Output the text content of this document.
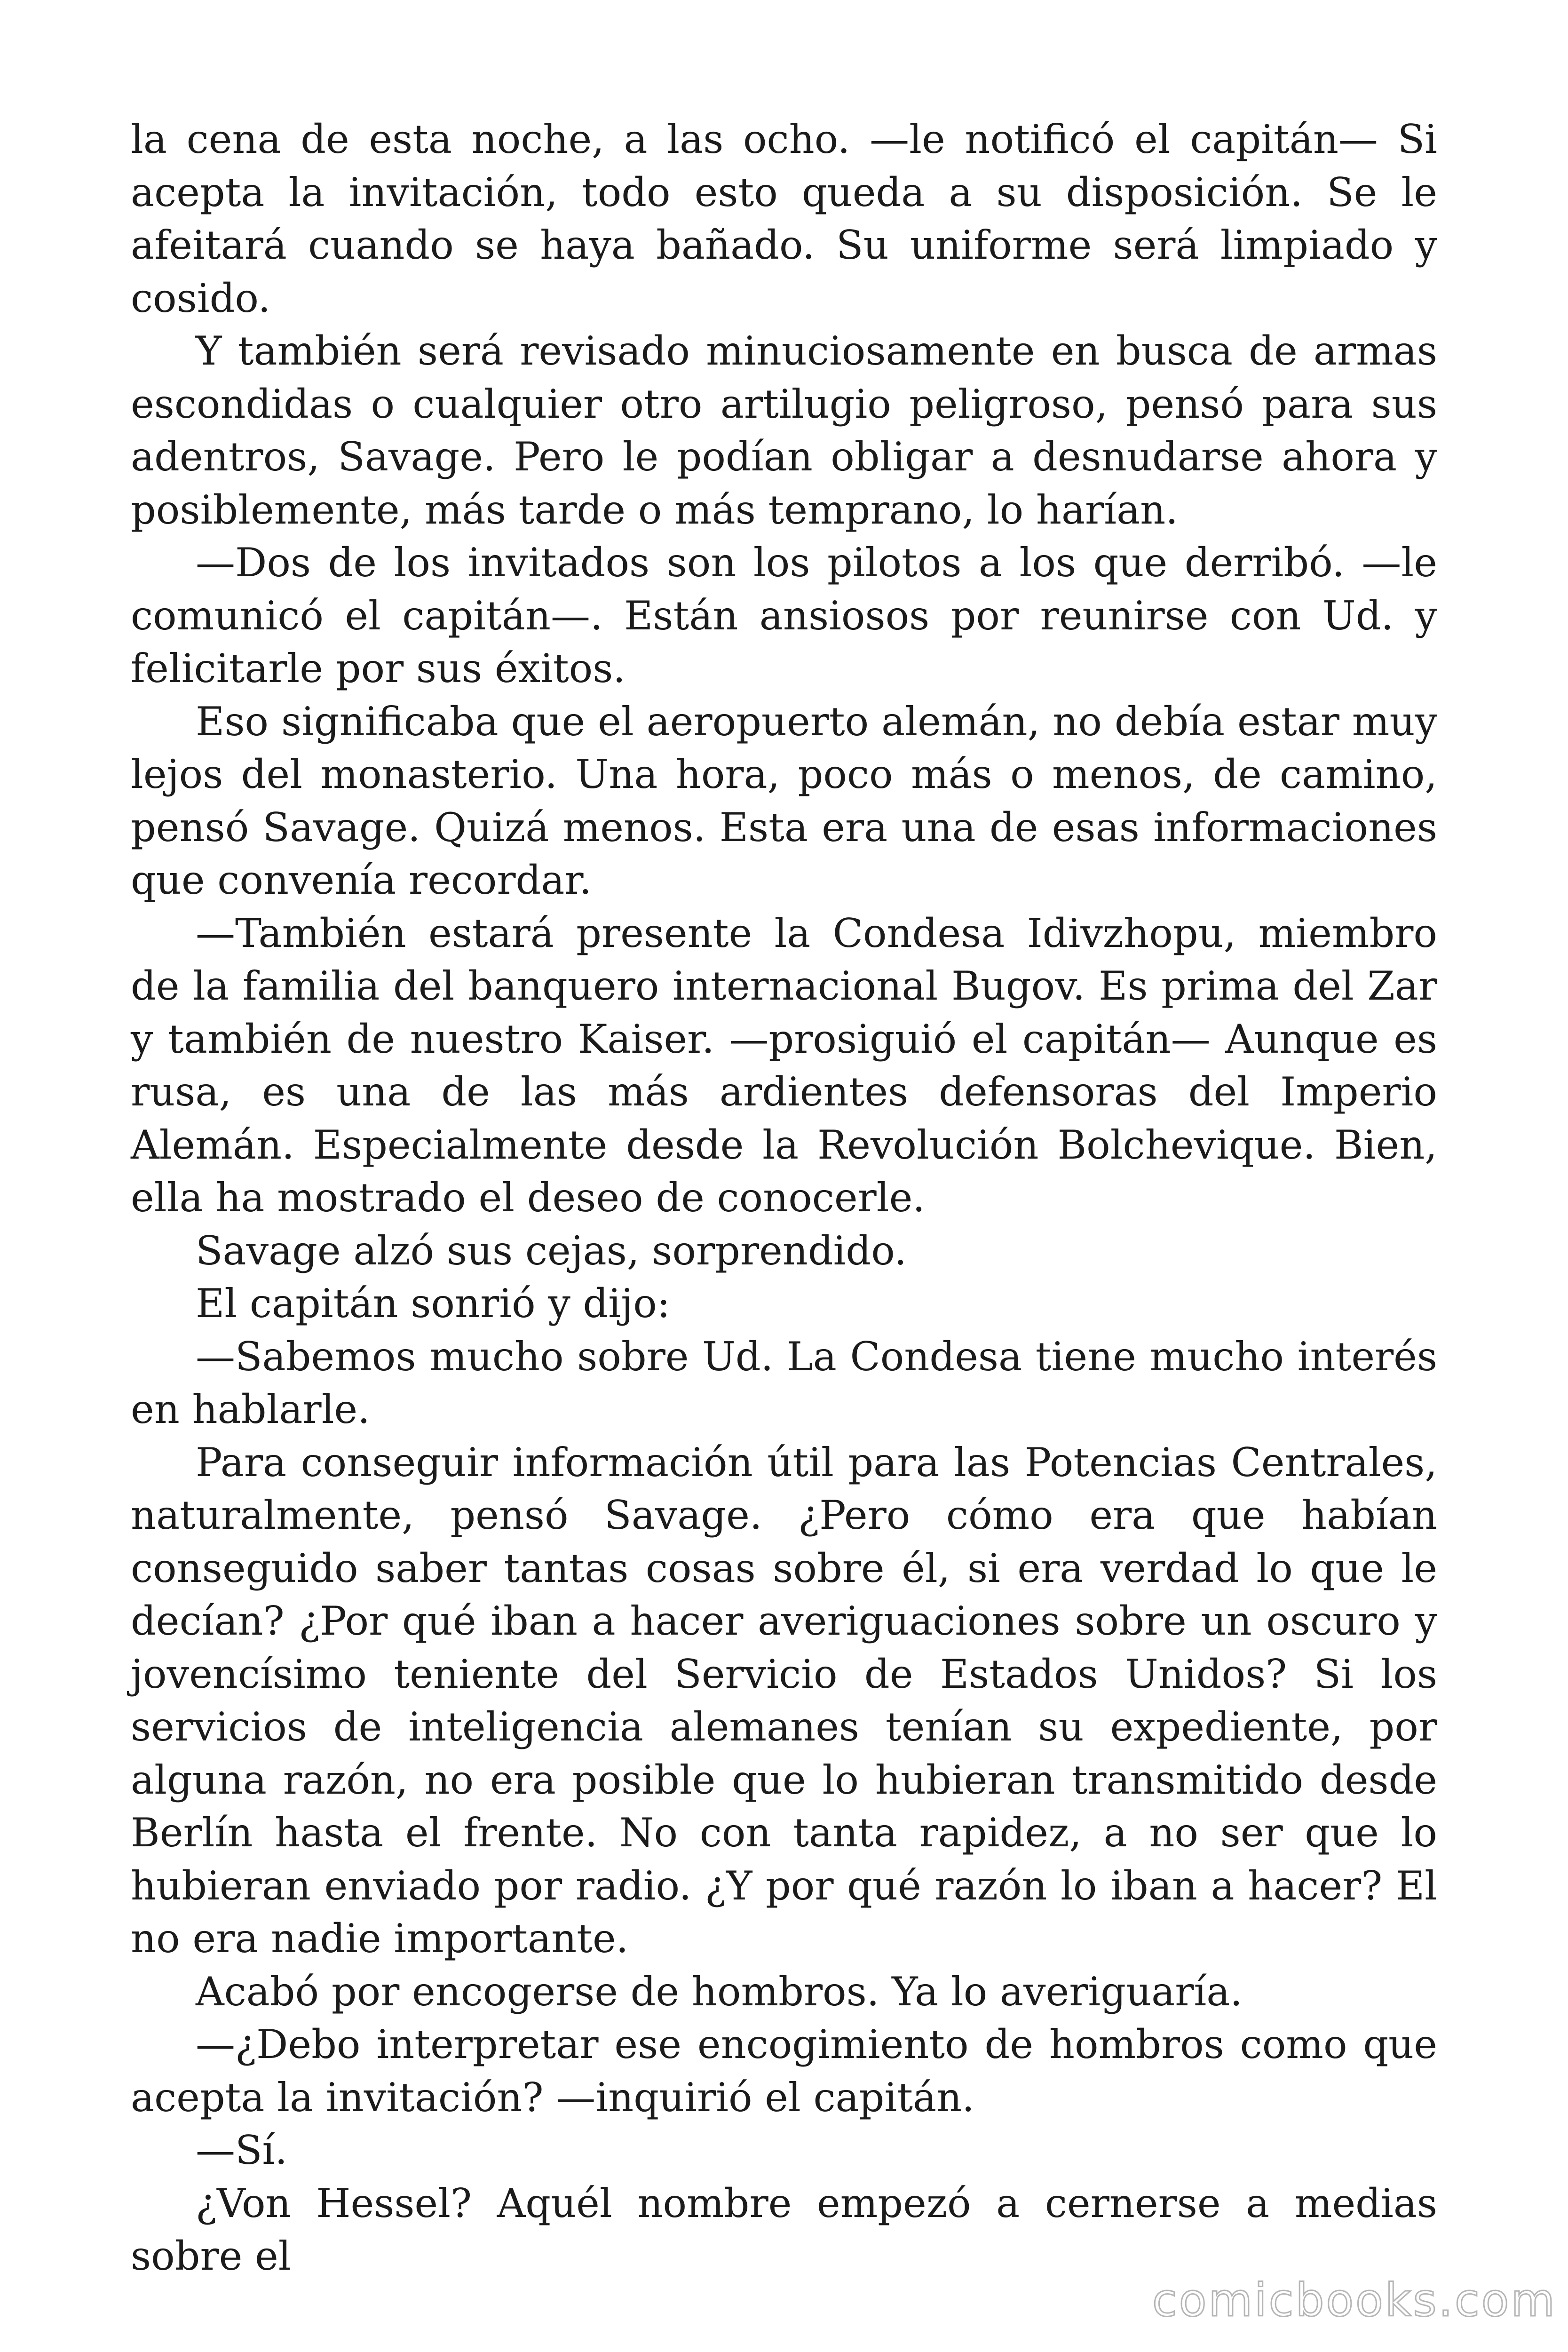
la cena de esta noche, a las ocho. —le notificó el capitán— Si acepta la invitación, todo esto queda a su disposición. Se le afeitará cuando se haya bañado. Su uniforme será limpiado y cosido.

Y también será revisado minuciosamente en busca de armas escondidas o cualquier otro artilugio peligroso, pensó para sus adentros, Savage. Pero le podían obligar a desnudarse ahora y posiblemente, más tarde o más temprano, lo harían.

—Dos de los invitados son los pilotos a los que derribó. —le comunicó el capitán—. Están ansiosos por reunirse con Ud. y felicitarle por sus éxitos.

Eso significaba que el aeropuerto alemán, no debía estar muy lejos del monasterio. Una hora, poco más o menos, de camino, pensó Savage. Quizá menos. Esta era una de esas informaciones que convenía recordar.

—También estará presente la Condesa Idivzhopu, miembro de la familia del banquero internacional Bugov. Es prima del Zar y también de nuestro Kaiser. —prosiguió el capitán— Aunque es rusa, es una de las más ardientes defensoras del Imperio Alemán. Especialmente desde la Revolución Bolchevique. Bien, ella ha mostrado el deseo de conocerle.

Savage alzó sus cejas, sorprendido.

El capitán sonrió y dijo:

—Sabemos mucho sobre Ud. La Condesa tiene mucho interés en hablarle.

Para conseguir información útil para las Potencias Centrales, naturalmente, pensó Savage. ¿Pero cómo era que habían conseguido saber tantas cosas sobre él, si era verdad lo que le decían? ¿Por qué iban a hacer averiguaciones sobre un oscuro y jovencísimo teniente del Servicio de Estados Unidos? Si los servicios de inteligencia alemanes tenían su expediente, por alguna razón, no era posible que lo hubieran transmitido desde Berlín hasta el frente. No con tanta rapidez, a no ser que lo hubieran enviado por radio. ¿Y por qué razón lo iban a hacer? El no era nadie importante.

Acabó por encogerse de hombros. Ya lo averiguaría.

—¿Debo interpretar ese encogimiento de hombros como que acepta la invitación? —inquirió el capitán.

—Sí.

¿Von Hessel? Aquél nombre empezó a cernerse a medias sobre el

comicbooks.com
